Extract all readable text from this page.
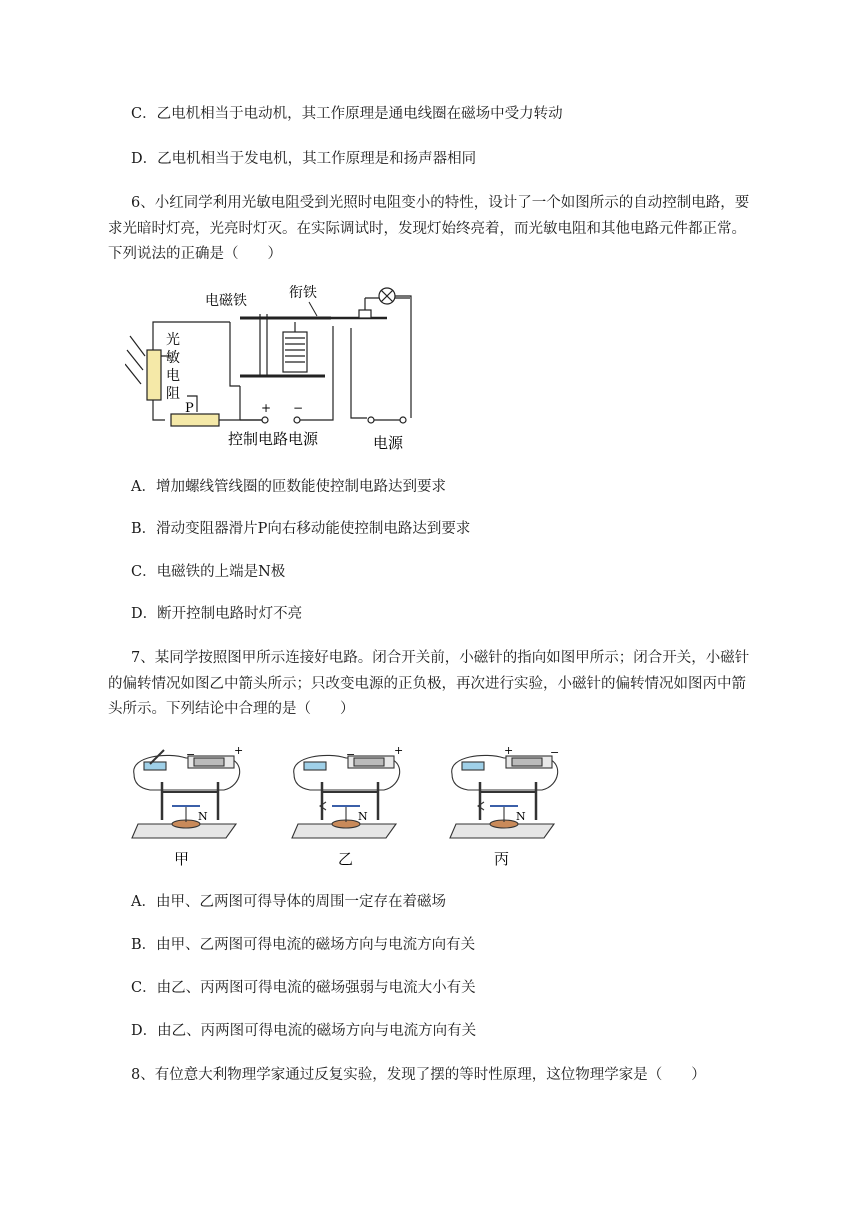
C．乙电机相当于电动机，其工作原理是通电线圈在磁场中受力转动
D．乙电机相当于发电机，其工作原理是和扬声器相同
6、小红同学利用光敏电阻受到光照时电阻变小的特性，设计了一个如图所示的自动控制电路，要
求光暗时灯亮，光亮时灯灭。在实际调试时，发现灯始终亮着，而光敏电阻和其他电路元件都正常。
下列说法的正确是（　　）
电磁铁	衔铁
光
敏
电
阻
P	+ −
控制电路电源	电源
A．增加螺线管线圈的匝数能使控制电路达到要求
B．滑动变阻器滑片P向右移动能使控制电路达到要求
C．电磁铁的上端是N极
D．断开控制电路时灯不亮
7、某同学按照图甲所示连接好电路。闭合开关前，小磁针的指向如图甲所示；闭合开关，小磁针
的偏转情况如图乙中箭头所示；只改变电源的正负极，再次进行实验，小磁针的偏转情况如图丙中箭
头所示。下列结论中合理的是（　　）
−	+
N
甲
−	+
N
乙
+	−
N
丙
A．由甲、乙两图可得导体的周围一定存在着磁场
B．由甲、乙两图可得电流的磁场方向与电流方向有关
C．由乙、丙两图可得电流的磁场强弱与电流大小有关
D．由乙、丙两图可得电流的磁场方向与电流方向有关
8、有位意大利物理学家通过反复实验，发现了摆的等时性原理，这位物理学家是（　　）
